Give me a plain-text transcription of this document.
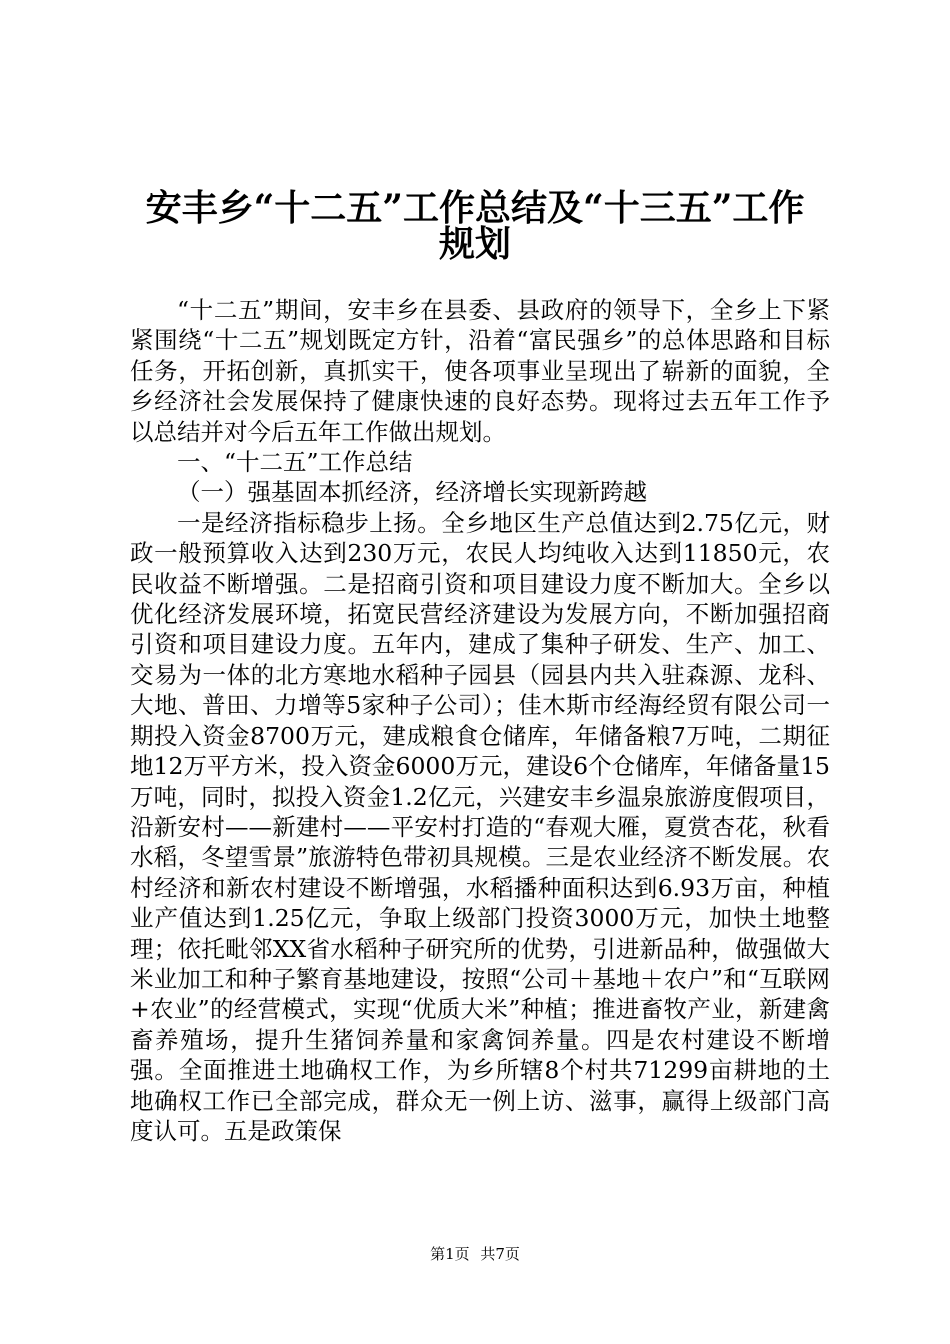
安丰乡“十二五”工作总结及“十三五”工作
规划

“十二五”期间，安丰乡在县委、县政府的领导下，全乡上下紧紧围绕“十二五”规划既定方针，沿着“富民强乡”的总体思路和目标任务，开拓创新，真抓实干，使各项事业呈现出了崭新的面貌，全乡经济社会发展保持了健康快速的良好态势。现将过去五年工作予以总结并对今后五年工作做出规划。

一、“十二五”工作总结

（一）强基固本抓经济，经济增长实现新跨越

一是经济指标稳步上扬。全乡地区生产总值达到2.75亿元，财政一般预算收入达到230万元，农民人均纯收入达到11850元，农民收益不断增强。二是招商引资和项目建设力度不断加大。全乡以优化经济发展环境，拓宽民营经济建设为发展方向，不断加强招商引资和项目建设力度。五年内，建成了集种子研发、生产、加工、交易为一体的北方寒地水稻种子园县（园县内共入驻森源、龙科、大地、普田、力增等5家种子公司）；佳木斯市经海经贸有限公司一期投入资金8700万元，建成粮食仓储库，年储备粮7万吨，二期征地12万平方米，投入资金6000万元，建设6个仓储库，年储备量15万吨，同时，拟投入资金1.2亿元，兴建安丰乡温泉旅游度假项目，沿新安村——新建村——平安村打造的“春观大雁，夏赏杏花，秋看水稻，冬望雪景”旅游特色带初具规模。三是农业经济不断发展。农村经济和新农村建设不断增强，水稻播种面积达到6.93万亩，种植业产值达到1.25亿元，争取上级部门投资3000万元，加快土地整理；依托毗邻XX省水稻种子研究所的优势，引进新品种，做强做大米业加工和种子繁育基地建设，按照“公司＋基地＋农户”和“互联网+农业”的经营模式，实现“优质大米”种植；推进畜牧产业，新建禽畜养殖场，提升生猪饲养量和家禽饲养量。四是农村建设不断增强。全面推进土地确权工作，为乡所辖8个村共71299亩耕地的土地确权工作已全部完成，群众无一例上访、滋事，赢得上级部门高度认可。五是政策保

第1页 共7页
